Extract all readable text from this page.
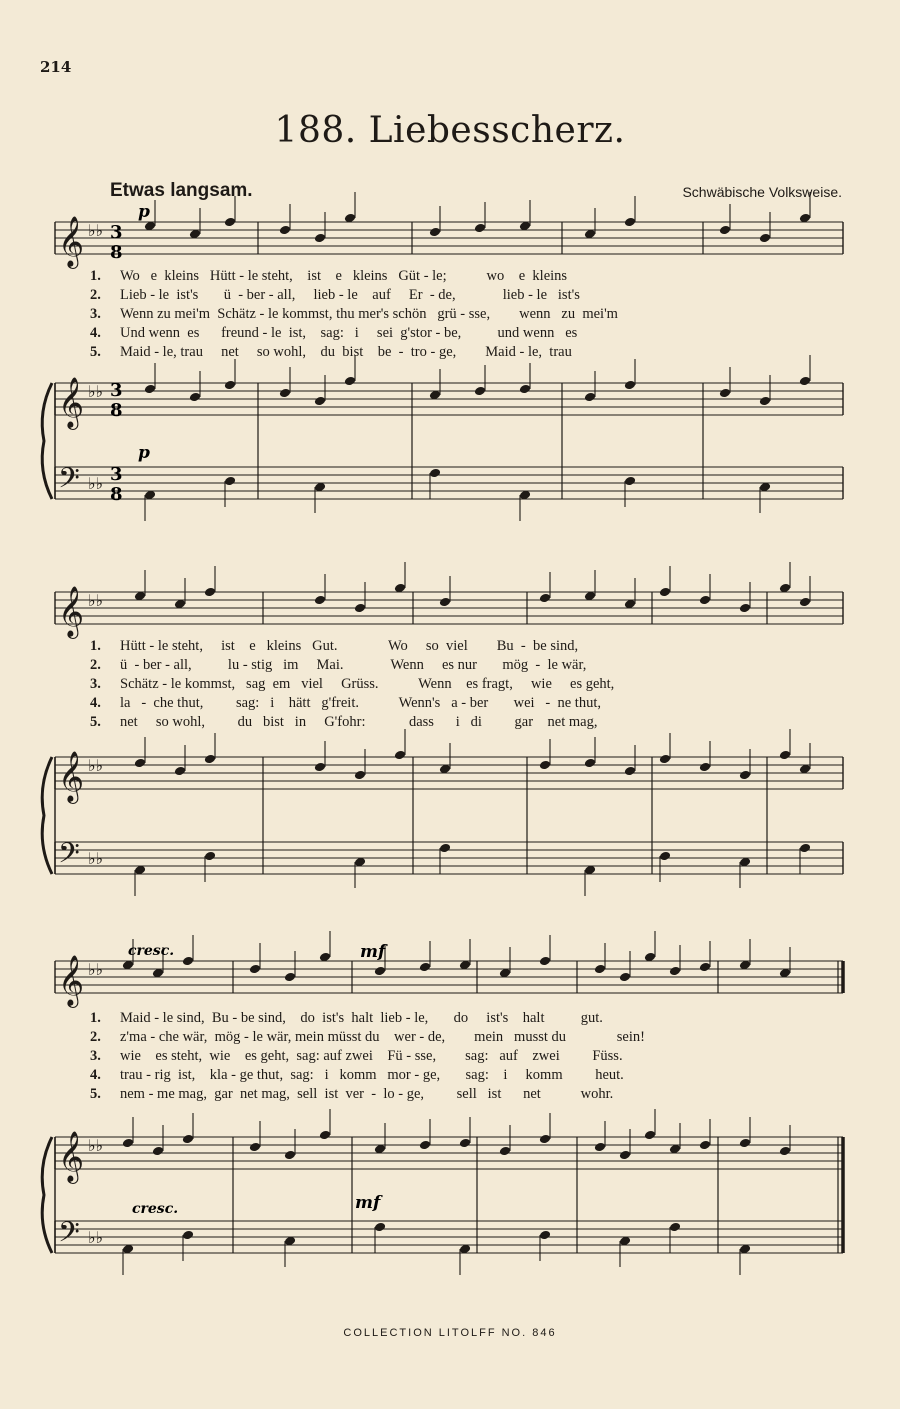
214
188. Liebesscherz.
Etwas langsam.	Schwäbische Volksweise.
𝄞 ♭♭
𝄞 ♭♭
𝄢 ♭♭
𝄞 ♭♭
𝄞 ♭♭
𝄢 ♭♭
𝄞 ♭♭
𝄞 ♭♭
𝄢 ♭♭
p
p
cresc.	mf
cresc.	mf
3
8
3
8
3
8
1. Wo   e  kleins   Hütt - le steht,    ist    e   kleins   Güt - le;           wo    e  kleins
2. Lieb - le  ist's       ü  - ber - all,     lieb - le    auf     Er  - de,             lieb - le   ist's
3. Wenn zu mei'm  Schätz - le kommst, thu mer's schön   grü - sse,        wenn   zu  mei'm
4. Und wenn  es      freund - le  ist,    sag:   i     sei  g'stor - be,          und wenn   es
5. Maid - le, trau     net     so wohl,    du  bist    be  -  tro - ge,        Maid - le,  trau
1. Hütt - le steht,     ist    e   kleins   Gut.              Wo     so  viel        Bu  -  be sind,
2. ü  - ber - all,          lu - stig   im     Mai.             Wenn     es nur       mög  -  le wär,
3. Schätz - le kommst,   sag  em   viel     Grüss.           Wenn    es fragt,     wie     es geht,
4. la   -  che thut,         sag:   i    hätt   g'freit.           Wenn's   a - ber       wei   -  ne thut,
5. net     so wohl,         du   bist   in     G'fohr:            dass      i   di         gar    net mag,
1. Maid - le sind,  Bu - be sind,    do  ist's  halt  lieb - le,       do     ist's    halt          gut.
2. z'ma - che wär,  mög - le wär, mein müsst du    wer - de,        mein   musst du              sein!
3. wie    es steht,  wie    es geht,  sag: auf zwei    Fü - sse,        sag:   auf    zwei         Füss.
4. trau - rig  ist,    kla - ge thut,  sag:   i   komm   mor - ge,       sag:    i     komm         heut.
5. nem - me mag,  gar  net mag,  sell  ist  ver  -  lo - ge,         sell   ist      net           wohr.
COLLECTION LITOLFF NO. 846
